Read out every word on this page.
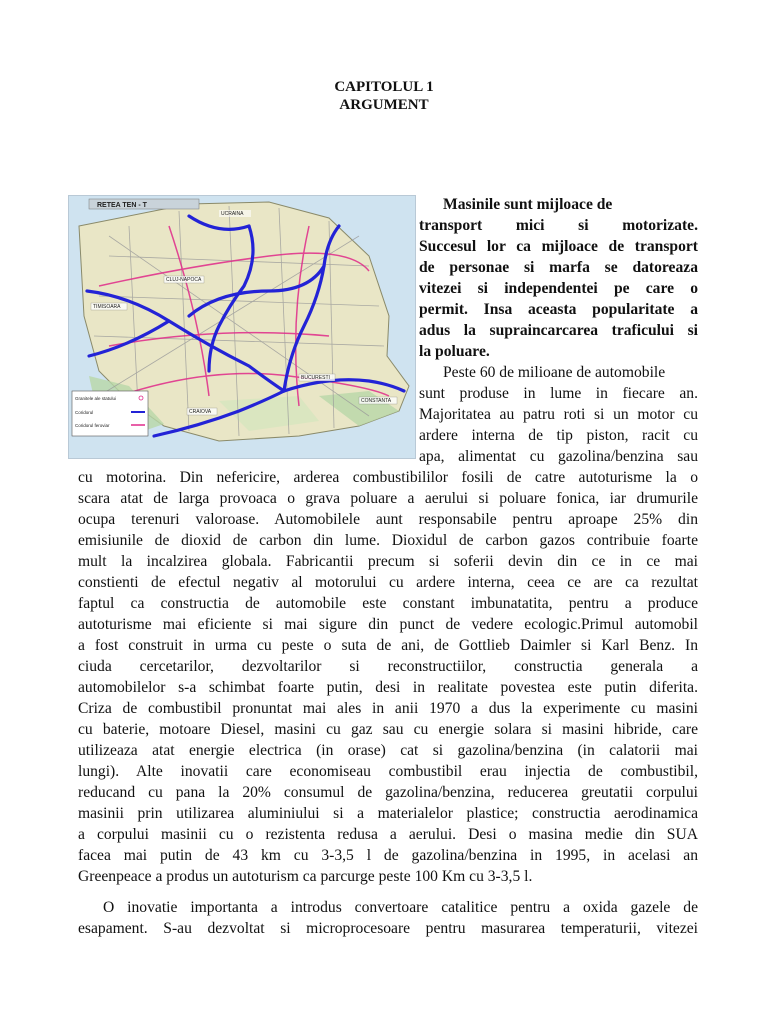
CAPITOLUL 1
ARGUMENT
RETEA TEN - T
UCRAINA
CLUJ-NAPOCA
TIMISOARA
CRAIOVA
BUCURESTI
CONSTANTA
Granitele ale statului
Coridorul
Coridorul feroviar
Masinile sunt mijloace de
transport mici si motorizate.
Succesul lor ca mijloace de transport
de personae si marfa se datoreaza
vitezei si independentei pe care o
permit. Insa aceasta popularitate a
adus la supraincarcarea traficului si
la poluare.
Peste 60 de milioane de automobile
sunt produse in lume in fiecare an.
Majoritatea au patru roti si un motor cu
ardere interna de tip piston, racit cu
apa, alimentat cu gazolina/benzina sau
cu motorina. Din nefericire, arderea combustibililor fosili de catre autoturisme la o
scara atat de larga provoaca o grava poluare a aerului si poluare fonica, iar drumurile
ocupa terenuri valoroase. Automobilele aunt responsabile pentru aproape 25% din
emisiunile de dioxid de carbon din lume. Dioxidul de carbon gazos contribuie foarte
mult la incalzirea globala. Fabricantii precum si soferii devin din ce in ce mai
constienti de efectul negativ al motorului cu ardere interna, ceea ce are ca rezultat
faptul ca constructia de automobile este constant imbunatatita, pentru a produce
autoturisme mai eficiente si mai sigure din punct de vedere ecologic.Primul automobil
a fost construit in urma cu peste o suta de ani, de Gottlieb Daimler si Karl Benz. In
ciuda cercetarilor, dezvoltarilor si reconstructiilor, constructia generala a
automobilelor s-a schimbat foarte putin, desi in realitate povestea este putin diferita.
Criza de combustibil pronuntat mai ales in anii 1970 a dus la experimente cu masini
cu baterie, motoare Diesel, masini cu gaz sau cu energie solara si masini hibride, care
utilizeaza atat energie electrica (in orase) cat si gazolina/benzina (in calatorii mai
lungi). Alte inovatii care economiseau combustibil erau injectia de combustibil,
reducand cu pana la 20% consumul de gazolina/benzina, reducerea greutatii corpului
masinii prin utilizarea aluminiului si a materialelor plastice; constructia aerodinamica
a corpului masinii cu o rezistenta redusa a aerului. Desi o masina medie din SUA
facea mai putin de 43 km cu 3-3,5 l de gazolina/benzina in 1995, in acelasi an
Greenpeace a produs un autoturism ca parcurge peste 100 Km cu 3-3,5 l.
O inovatie importanta a introdus convertoare catalitice pentru a oxida gazele de
esapament. S-au dezvoltat si microprocesoare pentru masurarea temperaturii, vitezei
